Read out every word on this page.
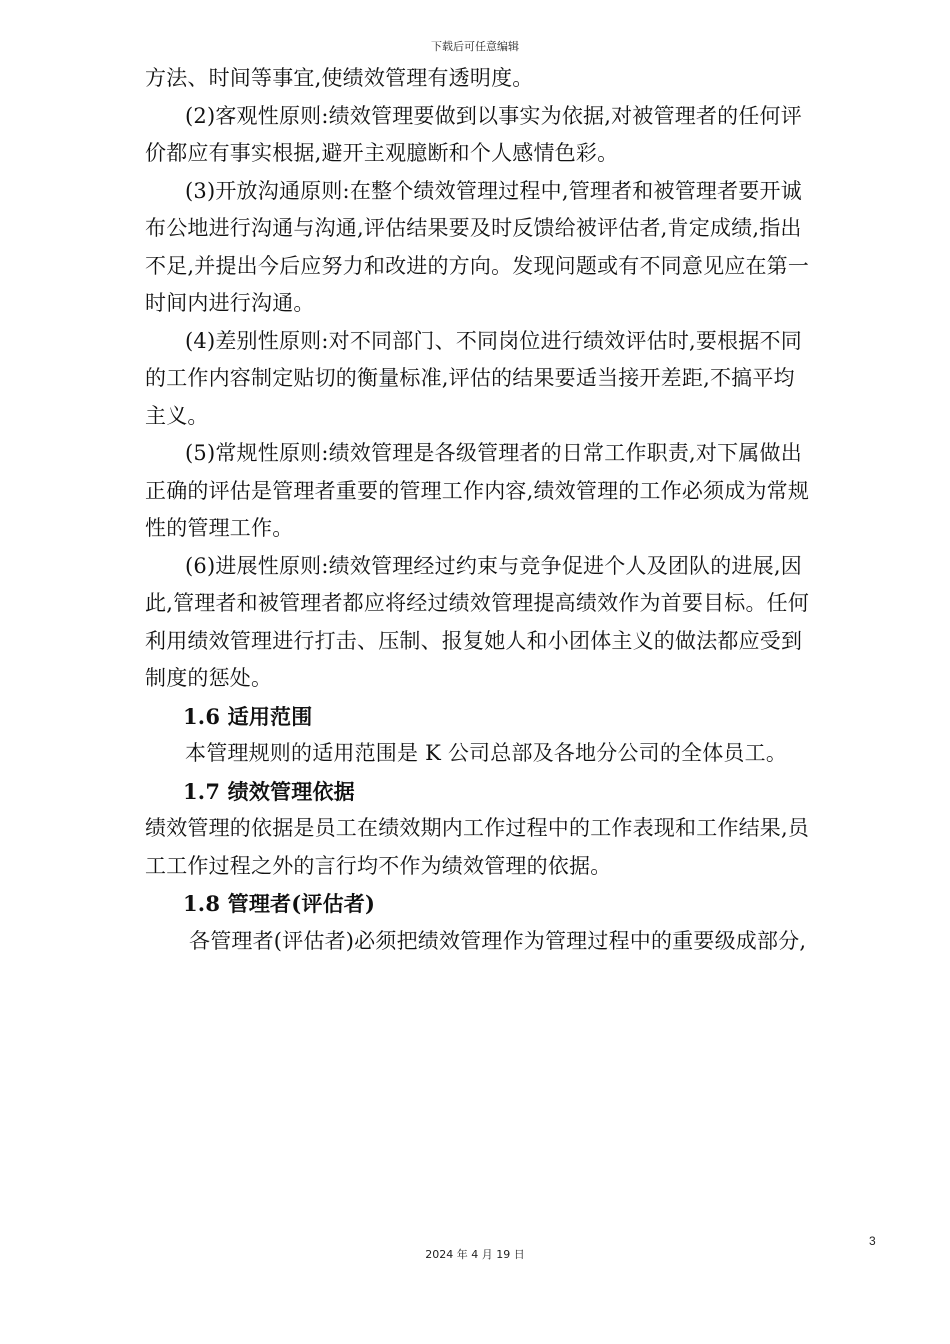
下载后可任意编辑
方法、时间等事宜,使绩效管理有透明度。
(2)客观性原则:绩效管理要做到以事实为依据,对被管理者的任何评
价都应有事实根据,避开主观臆断和个人感情色彩。
(3)开放沟通原则:在整个绩效管理过程中,管理者和被管理者要开诚
布公地进行沟通与沟通,评估结果要及时反馈给被评估者,肯定成绩,指出
不足,并提出今后应努力和改进的方向。发现问题或有不同意见应在第一
时间内进行沟通。
(4)差别性原则:对不同部门、不同岗位进行绩效评估时,要根据不同
的工作内容制定贴切的衡量标准,评估的结果要适当接开差距,不搞平均
主义。
(5)常规性原则:绩效管理是各级管理者的日常工作职责,对下属做出
正确的评估是管理者重要的管理工作内容,绩效管理的工作必须成为常规
性的管理工作。
(6)进展性原则:绩效管理经过约束与竞争促进个人及团队的进展,因
此,管理者和被管理者都应将经过绩效管理提高绩效作为首要目标。任何
利用绩效管理进行打击、压制、报复她人和小团体主义的做法都应受到
制度的惩处。
1.6 适用范围
本管理规则的适用范围是 K 公司总部及各地分公司的全体员工。
1.7 绩效管理依据
绩效管理的依据是员工在绩效期内工作过程中的工作表现和工作结果,员
工工作过程之外的言行均不作为绩效管理的依据。
1.8 管理者(评估者)
各管理者(评估者)必须把绩效管理作为管理过程中的重要级成部分,
3
2024 年 4 月 19 日
